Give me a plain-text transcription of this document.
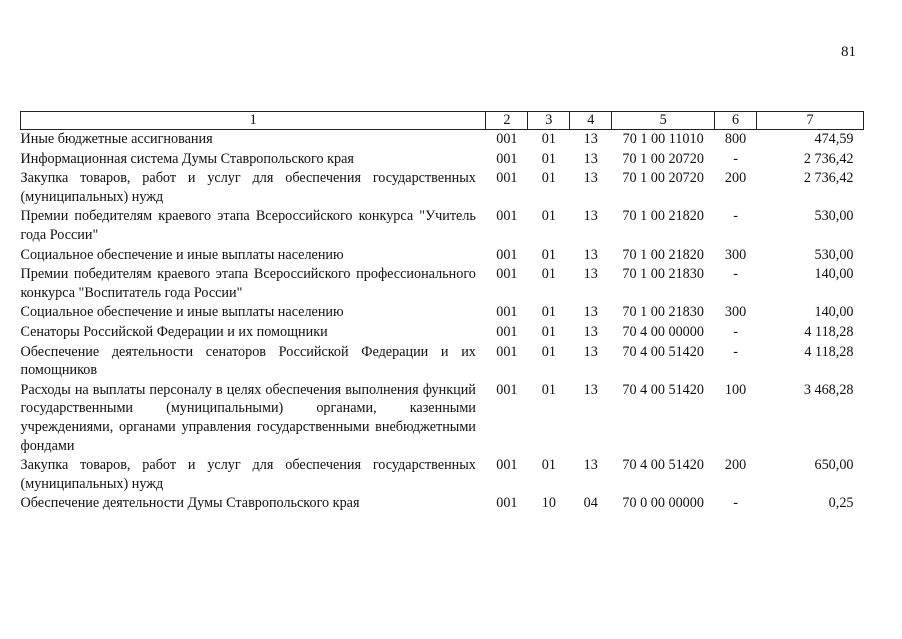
81
1	2	3	4	5	6	7
Иные бюджетные ассигнования	001	01	13	70 1 00 11010	800	474,59
Информационная система Думы Ставропольского края	001	01	13	70 1 00 20720	-	2 736,42
Закупка товаров, работ и услуг для обеспечения государственных (муниципальных) нужд	001	01	13	70 1 00 20720	200	2 736,42
Премии победителям краевого этапа Всероссийского конкурса "Учитель года России"	001	01	13	70 1 00 21820	-	530,00
Социальное обеспечение и иные выплаты населению	001	01	13	70 1 00 21820	300	530,00
Премии победителям краевого этапа Всероссийского профессионального конкурса "Воспитатель года России"	001	01	13	70 1 00 21830	-	140,00
Социальное обеспечение и иные выплаты населению	001	01	13	70 1 00 21830	300	140,00
Сенаторы Российской Федерации и их помощники	001	01	13	70 4 00 00000	-	4 118,28
Обеспечение деятельности сенаторов Российской Федерации и их помощников	001	01	13	70 4 00 51420	-	4 118,28
Расходы на выплаты персоналу в целях обеспечения выполнения функций государственными (муниципальными) органами, казенными учреждениями, органами управления государственными внебюджетными фондами	001	01	13	70 4 00 51420	100	3 468,28
Закупка товаров, работ и услуг для обеспечения государственных (муниципальных) нужд	001	01	13	70 4 00 51420	200	650,00
Обеспечение деятельности Думы Ставропольского края	001	10	04	70 0 00 00000	-	0,25
